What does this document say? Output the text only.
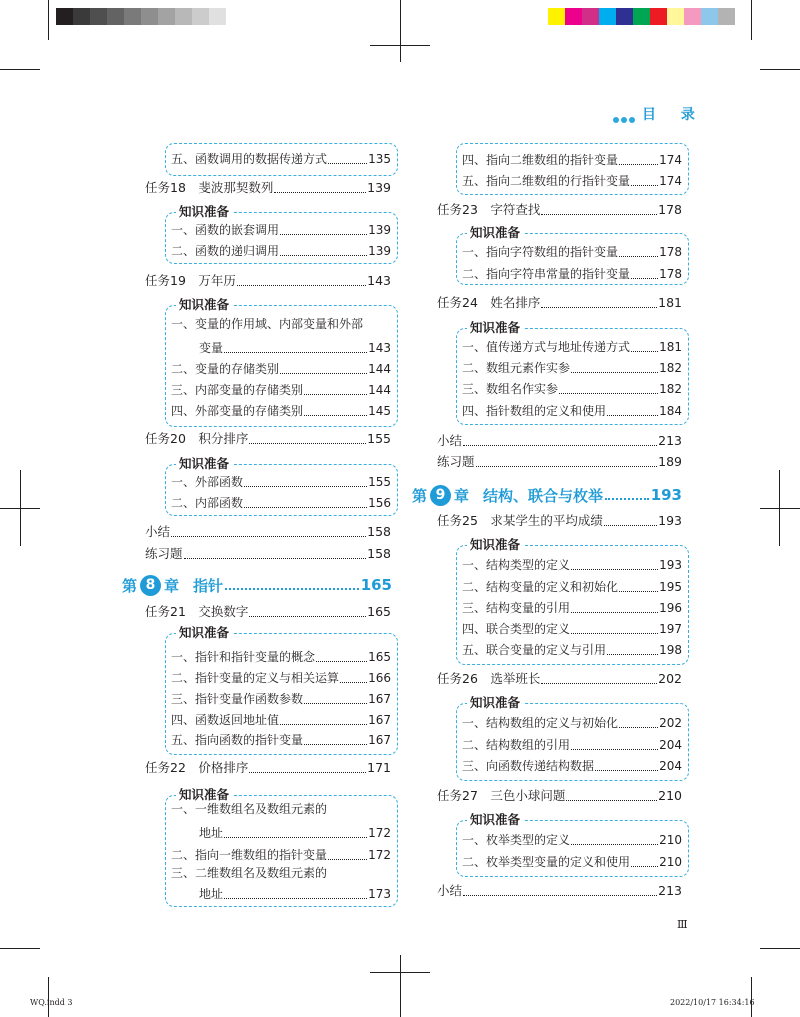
目 录
五、函数调用的数据传递方式	135
任务18　斐波那契数列	139
知识准备
一、函数的嵌套调用	139
二、函数的递归调用	139
任务19　万年历	143
知识准备
一、变量的作用域、内部变量和外部
变量	143
二、变量的存储类别	144
三、内部变量的存储类别	144
四、外部变量的存储类别	145
任务20　积分排序	155
知识准备
一、外部函数	155
二、内部函数	156
小结	158
练习题	158
第 8 章 指针	165
任务21　交换数字	165
知识准备
一、指针和指针变量的概念	165
二、指针变量的定义与相关运算 166
三、指针变量作函数参数	167
四、函数返回地址值	167
五、指向函数的指针变量	167
任务22　价格排序	171
知识准备
一、一维数组名及数组元素的
地址	172
二、指向一维数组的指针变量	172
三、二维数组名及数组元素的
地址	173
四、指向二维数组的指针变量	174
五、指向二维数组的行指针变量 174
任务23　字符查找	178
知识准备
一、指向字符数组的指针变量	178
二、指向字符串常量的指针变量 178
任务24　姓名排序	181
知识准备
一、值传递方式与地址传递方式 181
二、数组元素作实参	182
三、数组名作实参	182
四、指针数组的定义和使用	184
小结	213
练习题	189
第 9 章 结构、联合与枚举	193
任务25　求某学生的平均成绩	193
知识准备
一、结构类型的定义	193
二、结构变量的定义和初始化	195
三、结构变量的引用	196
四、联合类型的定义	197
五、联合变量的定义与引用	198
任务26　选举班长	202
知识准备
一、结构数组的定义与初始化	202
二、结构数组的引用	204
三、向函数传递结构数据	204
任务27　三色小球问题	210
知识准备
一、枚举类型的定义	210
二、枚举类型变量的定义和使用 210
小结	213
Ⅲ
WQ.indd 3	2022/10/17 16:34:16
